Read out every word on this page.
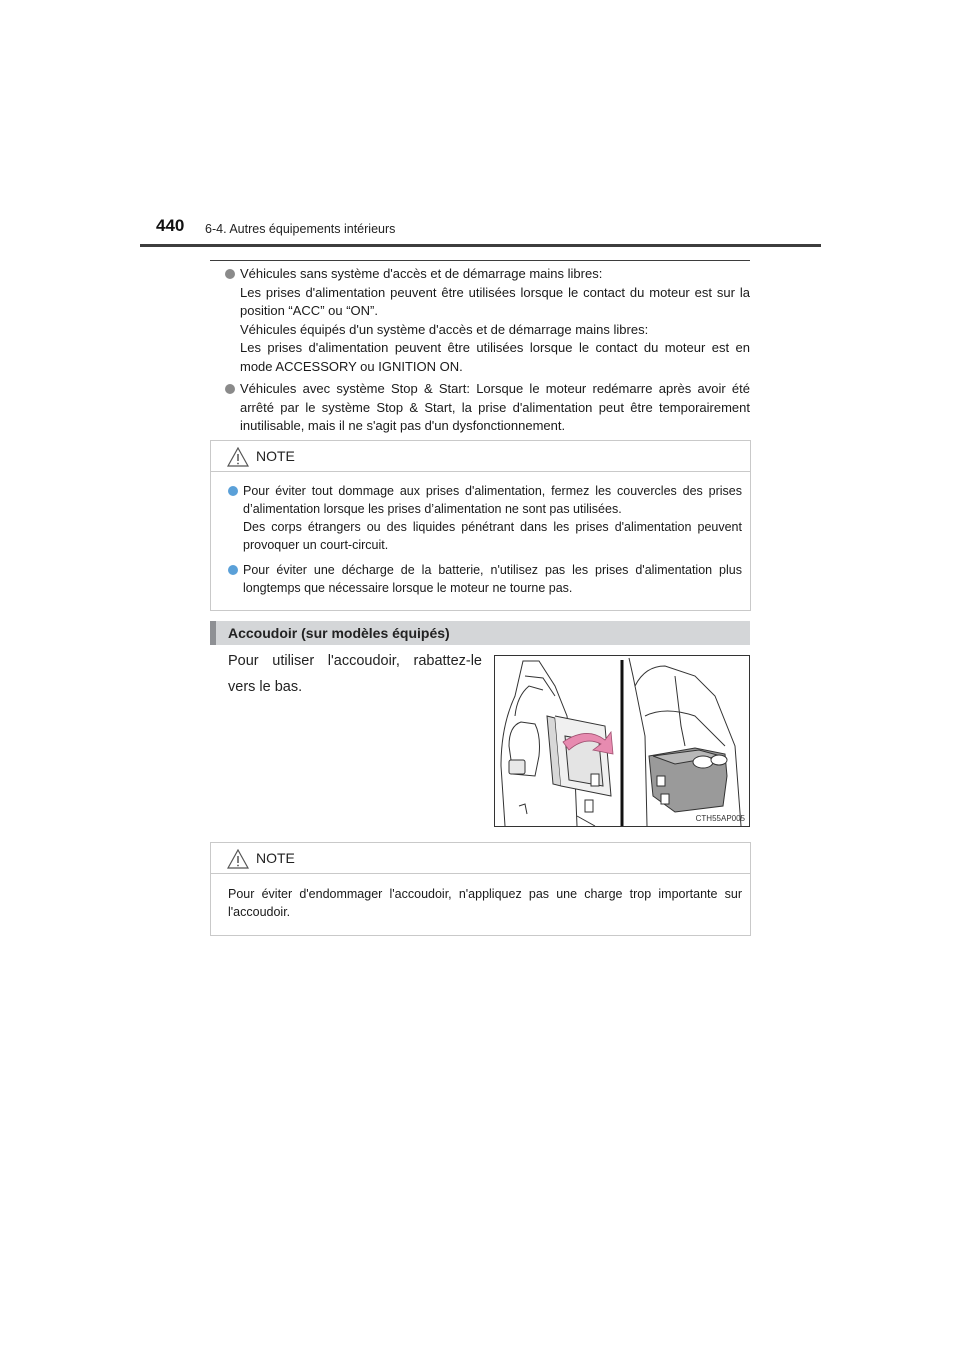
440 6-4. Autres équipements intérieurs
Véhicules sans système d'accès et de démarrage mains libres:
Les prises d'alimentation peuvent être utilisées lorsque le contact du moteur est sur la position “ACC” ou “ON”.
Véhicules équipés d'un système d'accès et de démarrage mains libres:
Les prises d'alimentation peuvent être utilisées lorsque le contact du moteur est en mode ACCESSORY ou IGNITION ON.
Véhicules avec système Stop & Start: Lorsque le moteur redémarre après avoir été arrêté par le système Stop & Start, la prise d'alimentation peut être temporairement inutilisable, mais il ne s'agit pas d'un dysfonctionnement.
NOTE
Pour éviter tout dommage aux prises d'alimentation, fermez les couvercles des prises d’alimentation lorsque les prises d’alimentation ne sont pas utilisées.
Des corps étrangers ou des liquides pénétrant dans les prises d'alimentation peuvent provoquer un court-circuit.
Pour éviter une décharge de la batterie, n'utilisez pas les prises d'alimentation plus longtemps que nécessaire lorsque le moteur ne tourne pas.
Accoudoir (sur modèles équipés)
Pour utiliser l'accoudoir, rabattez-le vers le bas.
CTH55AP005
NOTE
Pour éviter d'endommager l'accoudoir, n'appliquez pas une charge trop importante sur l'accoudoir.
